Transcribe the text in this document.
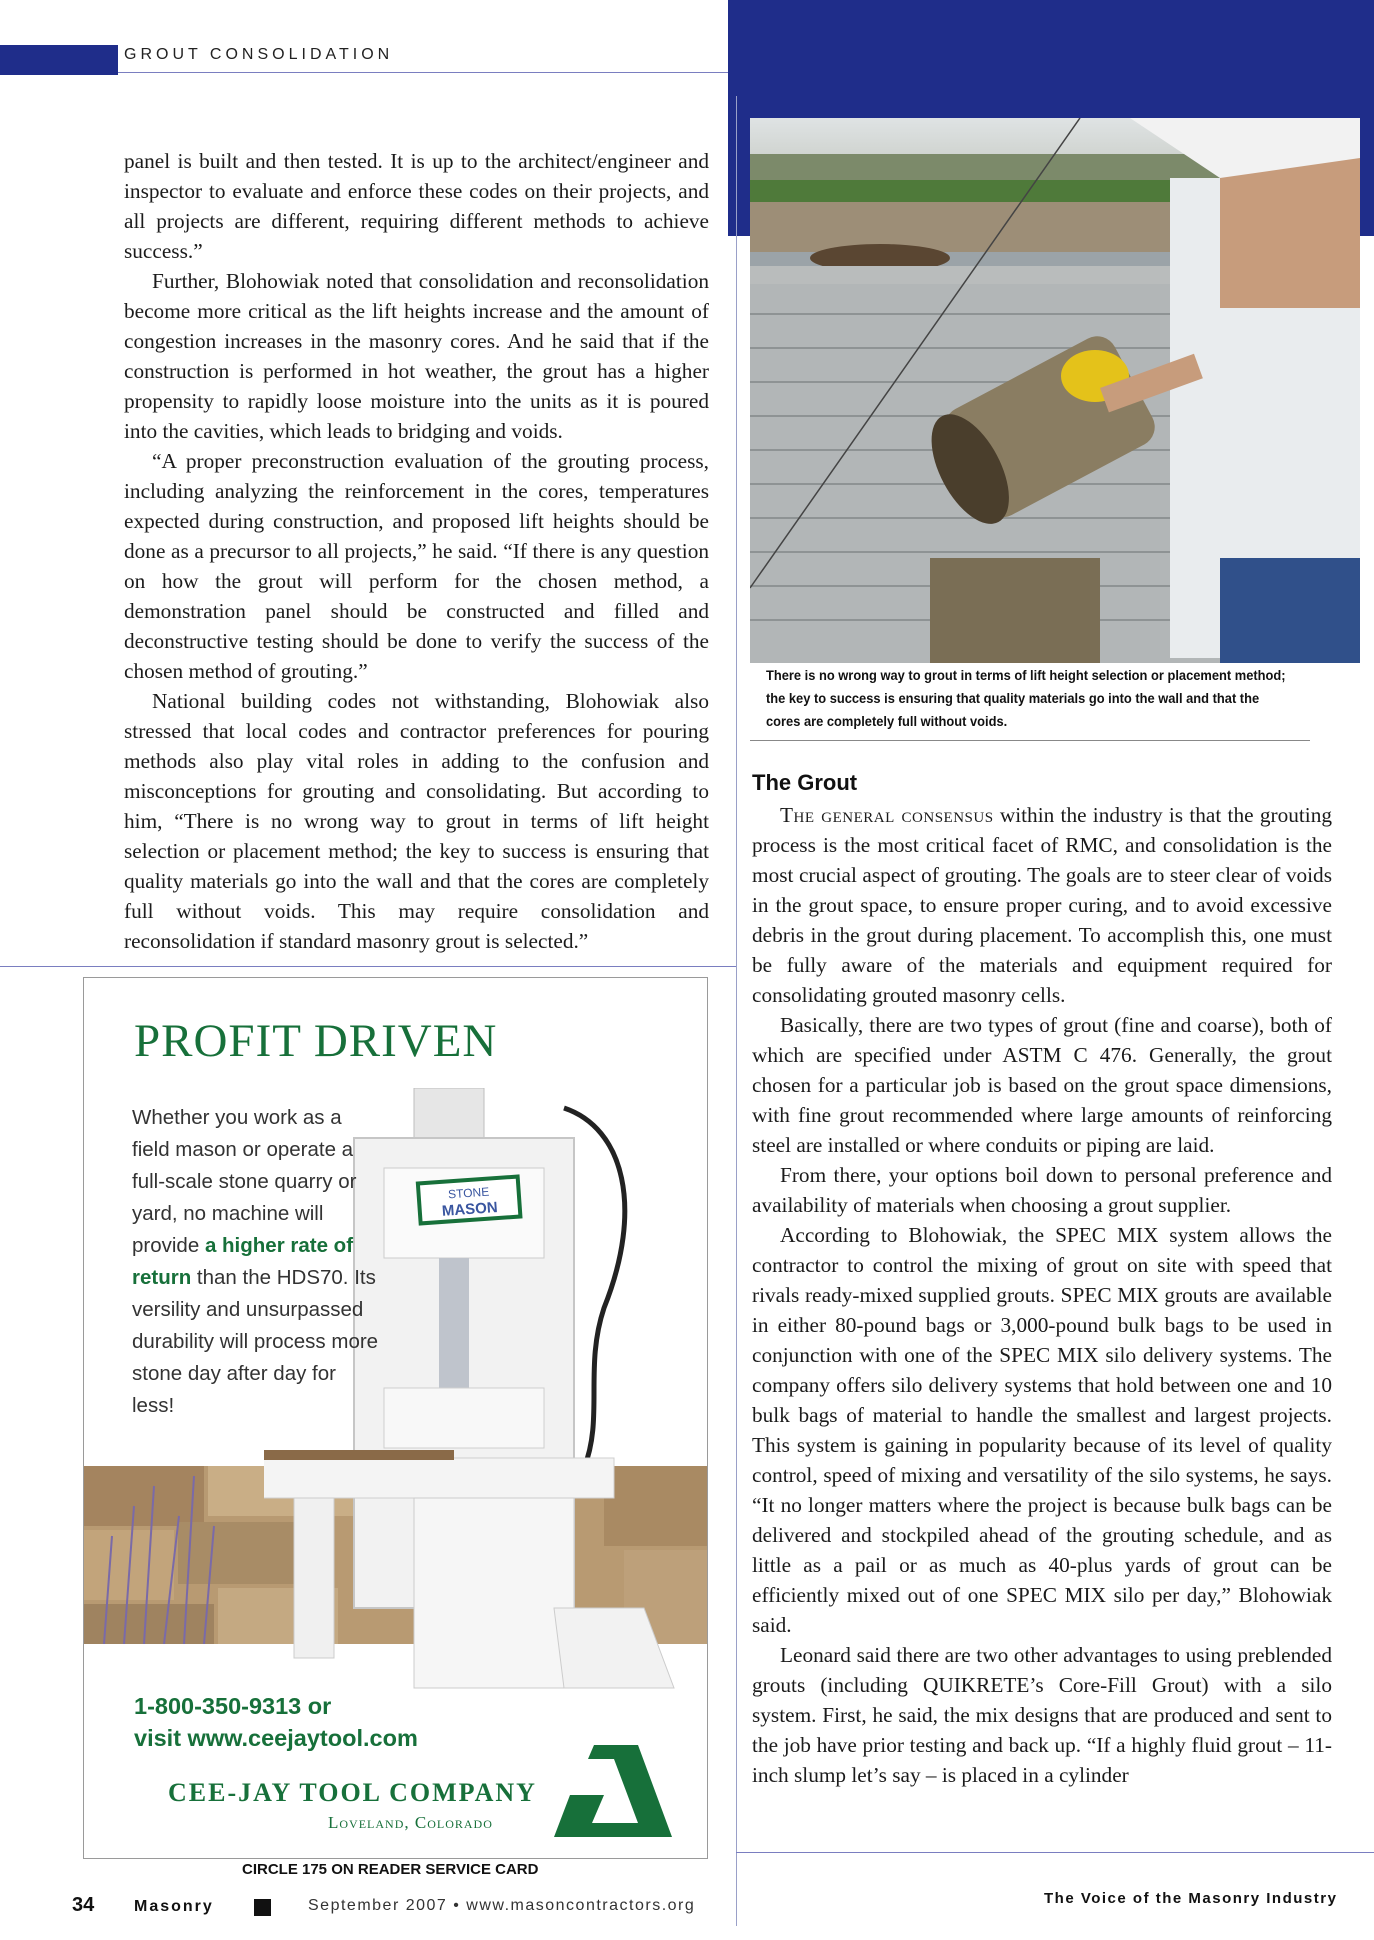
GROUT CONSOLIDATION

panel is built and then tested. It is up to the architect/engineer and inspector to evaluate and enforce these codes on their projects, and all projects are different, requiring different methods to achieve success.”

Further, Blohowiak noted that consolidation and reconsolidation become more critical as the lift heights increase and the amount of congestion increases in the masonry cores. And he said that if the construction is performed in hot weather, the grout has a higher propensity to rapidly loose moisture into the units as it is poured into the cavities, which leads to bridging and voids.

“A proper preconstruction evaluation of the grouting process, including analyzing the reinforcement in the cores, temperatures expected during construction, and proposed lift heights should be done as a precursor to all projects,” he said. “If there is any question on how the grout will perform for the chosen method, a demonstration panel should be constructed and filled and deconstructive testing should be done to verify the success of the chosen method of grouting.”

National building codes not withstanding, Blohowiak also stressed that local codes and contractor preferences for pouring methods also play vital roles in adding to the confusion and misconceptions for grouting and consolidating. But according to him, “There is no wrong way to grout in terms of lift height selection or placement method; the key to success is ensuring that quality materials go into the wall and that the cores are completely full without voids. This may require consolidation and reconsolidation if standard masonry grout is selected.”

There is no wrong way to grout in terms of lift height selection or placement method; the key to success is ensuring that quality materials go into the wall and that the cores are completely full without voids.
The Grout

The general consensus within the industry is that the grouting process is the most critical facet of RMC, and consolidation is the most crucial aspect of grouting. The goals are to steer clear of voids in the grout space, to ensure proper curing, and to avoid excessive debris in the grout during placement. To accomplish this, one must be fully aware of the materials and equipment required for consolidating grouted masonry cells.

Basically, there are two types of grout (fine and coarse), both of which are specified under ASTM C 476. Generally, the grout chosen for a particular job is based on the grout space dimensions, with fine grout recommended where large amounts of reinforcing steel are installed or where conduits or piping are laid.

From there, your options boil down to personal preference and availability of materials when choosing a grout supplier.

According to Blohowiak, the SPEC MIX system allows the contractor to control the mixing of grout on site with speed that rivals ready-mixed supplied grouts. SPEC MIX grouts are available in either 80-pound bags or 3,000-pound bulk bags to be used in conjunction with one of the SPEC MIX silo delivery systems. The company offers silo delivery systems that hold between one and 10 bulk bags of material to handle the smallest and largest projects. This system is gaining in popularity because of its level of quality control, speed of mixing and versatility of the silo systems, he says. “It no longer matters where the project is because bulk bags can be delivered and stockpiled ahead of the grouting schedule, and as little as a pail or as much as 40-plus yards of grout can be efficiently mixed out of one SPEC MIX silo per day,” Blohowiak said.

Leonard said there are two other advantages to using preblended grouts (including QUIKRETE’s Core-Fill Grout) with a silo system. First, he said, the mix designs that are produced and sent to the job have prior testing and back up. “If a highly fluid grout – 11-inch slump let’s say – is placed in a cylinder

PROFIT DRIVEN
STONE
MASON
Whether you work as a field mason or operate a full-scale stone quarry or yard, no machine will provide a higher rate of return than the HDS70. Its versility and unsurpassed durability will process more stone day after day for less!
1-800-350-9313 or
visit www.ceejaytool.com
CEE-JAY TOOL COMPANY
Loveland, Colorado
CIRCLE 175 ON READER SERVICE CARD
34 Masonry	September 2007 • www.masoncontractors.org	The Voice of the Masonry Industry
